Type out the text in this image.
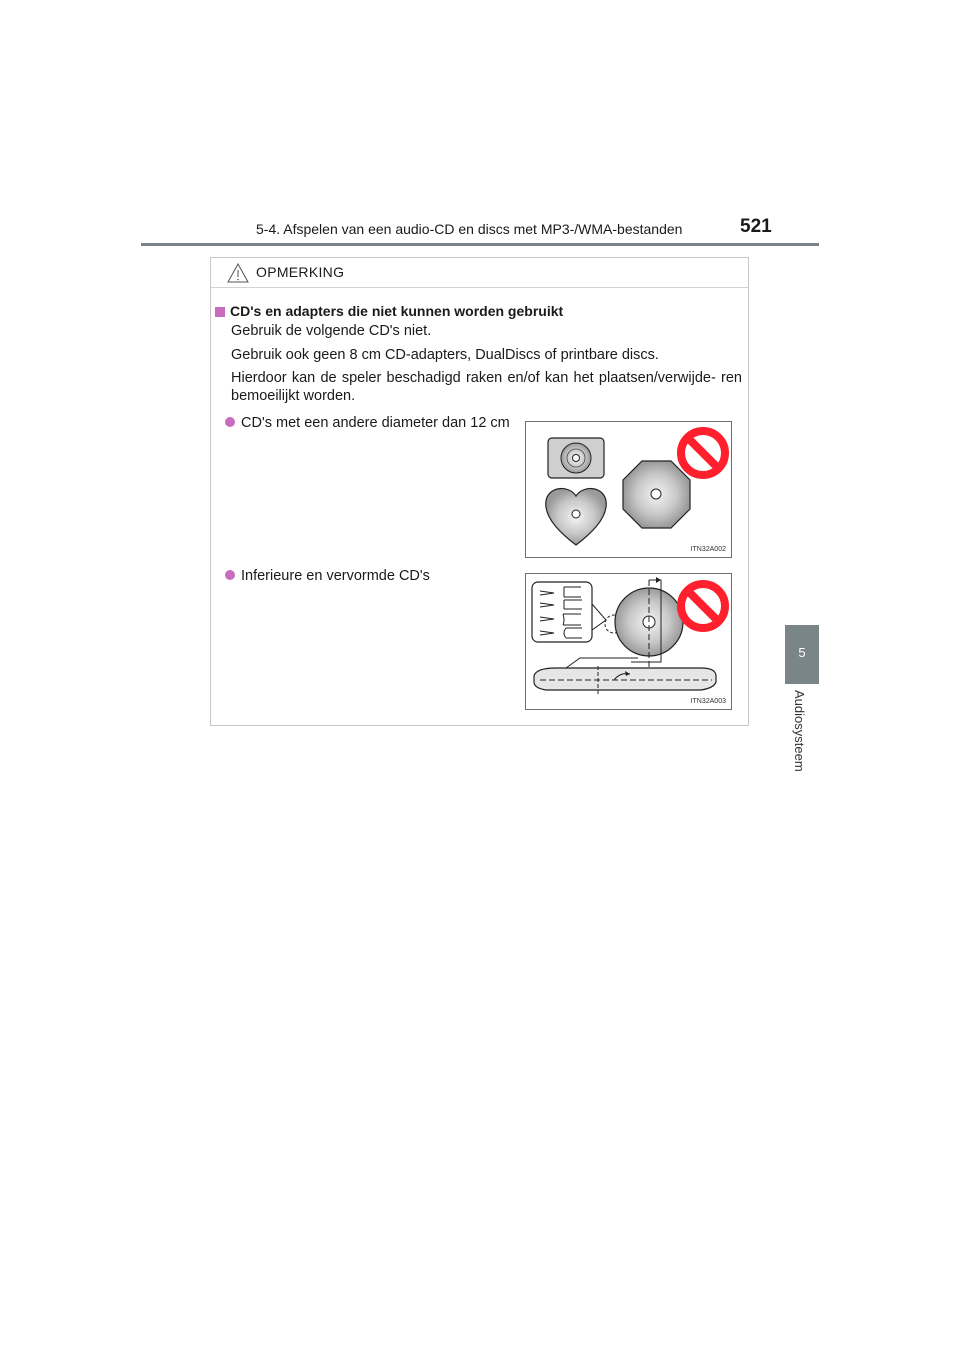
5-4. Afspelen van een audio-CD en discs met MP3-/WMA-bestanden	521
5
Audiosysteem
OPMERKING
CD's en adapters die niet kunnen worden gebruikt
Gebruik de volgende CD's niet.
Gebruik ook geen 8 cm CD-adapters, DualDiscs of printbare discs.
Hierdoor kan de speler beschadigd raken en/of kan het plaatsen/verwijde- ren bemoeilijkt worden.
CD's met een andere diameter dan 12 cm
ITN32A002
Inferieure en vervormde CD's
ITN32A003
